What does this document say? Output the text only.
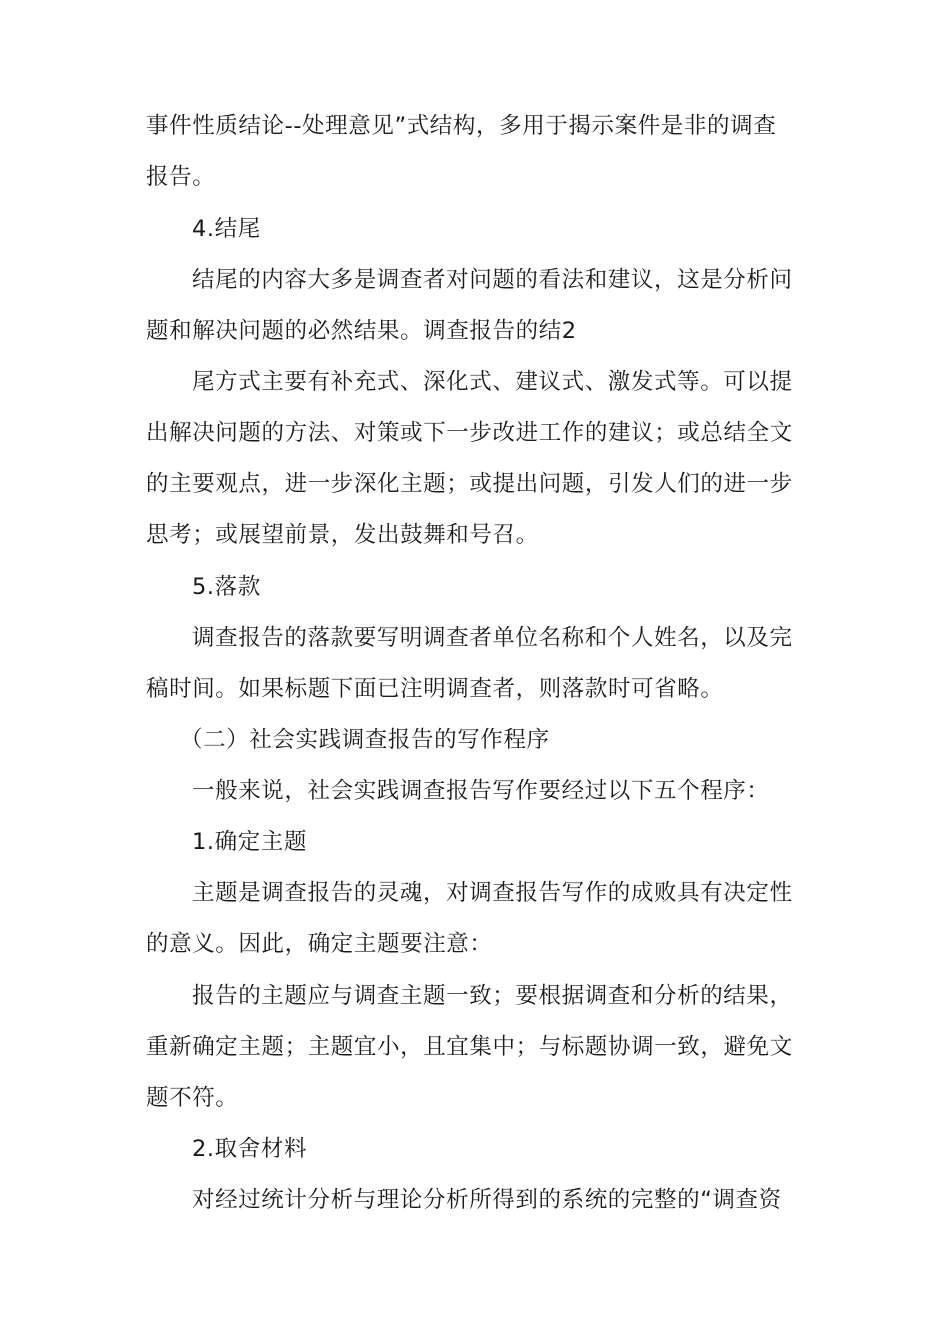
事件性质结论--处理意见”式结构，多用于揭示案件是非的调查
报告。
4.结尾
结尾的内容大多是调查者对问题的看法和建议，这是分析问
题和解决问题的必然结果。调查报告的结2
尾方式主要有补充式、深化式、建议式、激发式等。可以提
出解决问题的方法、对策或下一步改进工作的建议；或总结全文
的主要观点，进一步深化主题；或提出问题，引发人们的进一步
思考；或展望前景，发出鼓舞和号召。
5.落款
调查报告的落款要写明调查者单位名称和个人姓名，以及完
稿时间。如果标题下面已注明调查者，则落款时可省略。
（二）社会实践调查报告的写作程序
一般来说，社会实践调查报告写作要经过以下五个程序：
1.确定主题
主题是调查报告的灵魂，对调查报告写作的成败具有决定性
的意义。因此，确定主题要注意：
报告的主题应与调查主题一致；要根据调查和分析的结果，
重新确定主题；主题宜小，且宜集中；与标题协调一致，避免文
题不符。
2.取舍材料
对经过统计分析与理论分析所得到的系统的完整的“调查资
